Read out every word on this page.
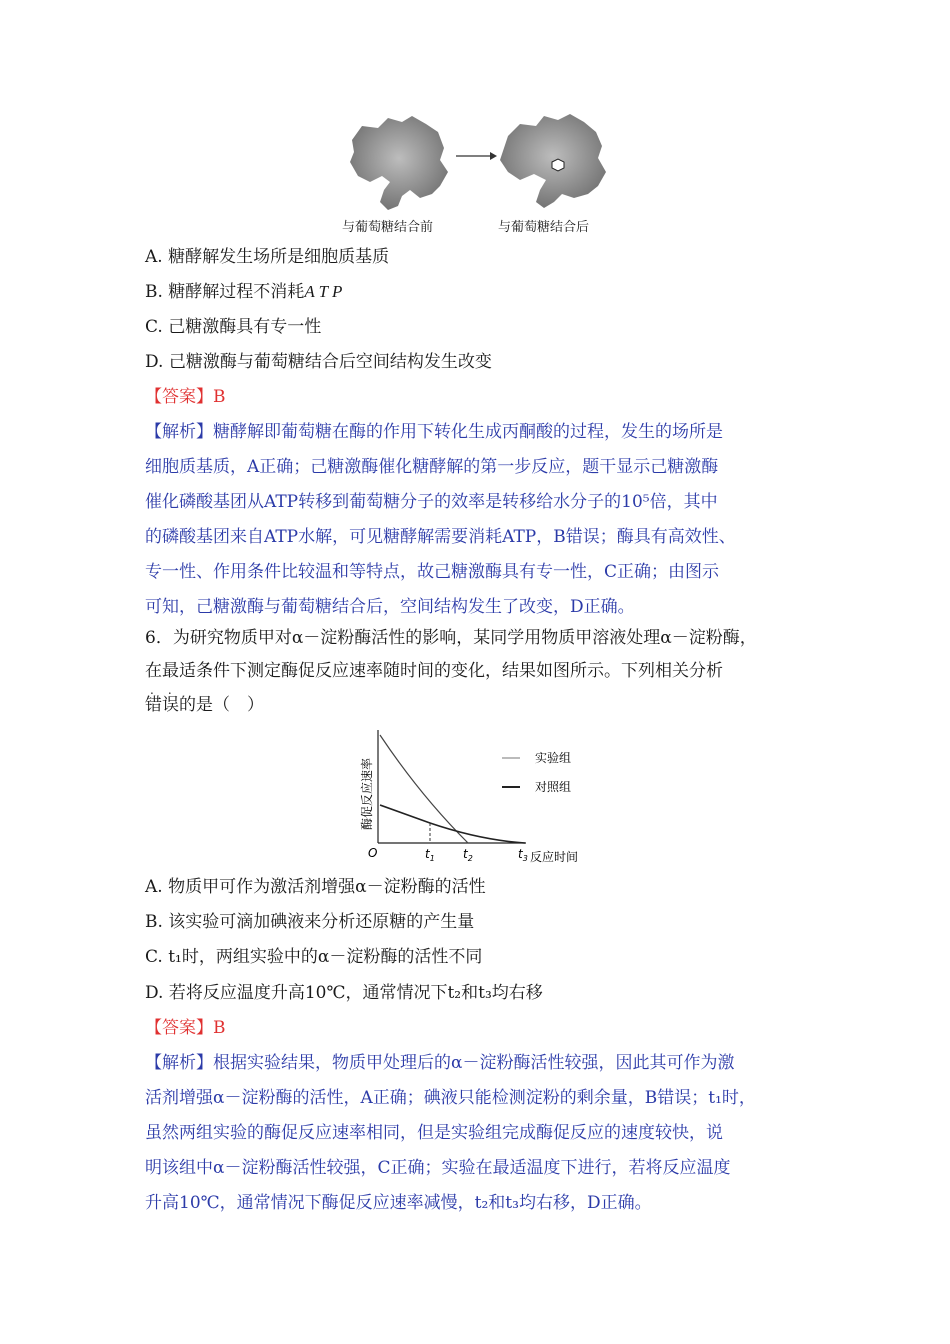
与葡萄糖结合前	与葡萄糖结合后
A. 糖酵解发生场所是细胞质基质
B. 糖酵解过程不消耗A T P
C. 己糖激酶具有专一性
D. 己糖激酶与葡萄糖结合后空间结构发生改变
【答案】B
【解析】糖酵解即葡萄糖在酶的作用下转化生成丙酮酸的过程，发生的场所是
细胞质基质，A正确；己糖激酶催化糖酵解的第一步反应，题干显示己糖激酶
催化磷酸基团从ATP转移到葡萄糖分子的效率是转移给水分子的10⁵倍，其中
的磷酸基团来自ATP水解，可见糖酵解需要消耗ATP，B错误；酶具有高效性、
专一性、作用条件比较温和等特点，故己糖激酶具有专一性，C正确；由图示
可知，己糖激酶与葡萄糖结合后，空间结构发生了改变，D正确。
6．为研究物质甲对α－淀粉酶活性的影响，某同学用物质甲溶液处理α－淀粉酶，
在最适条件下测定酶促反应速率随时间的变化，结果如图所示。下列相关分析
..
错误的是（　）
酶促反应速率
反应时间
O
实验组
对照组
$t_1$ $t_2$	$t_3$
A. 物质甲可作为激活剂增强α－淀粉酶的活性
B. 该实验可滴加碘液来分析还原糖的产生量
C. t₁时，两组实验中的α－淀粉酶的活性不同
D. 若将反应温度升高10℃，通常情况下t₂和t₃均右移
【答案】B
【解析】根据实验结果，物质甲处理后的α－淀粉酶活性较强，因此其可作为激
活剂增强α－淀粉酶的活性，A正确；碘液只能检测淀粉的剩余量，B错误；t₁时，
虽然两组实验的酶促反应速率相同，但是实验组完成酶促反应的速度较快，说
明该组中α－淀粉酶活性较强，C正确；实验在最适温度下进行，若将反应温度
升高10℃，通常情况下酶促反应速率减慢，t₂和t₃均右移，D正确。
